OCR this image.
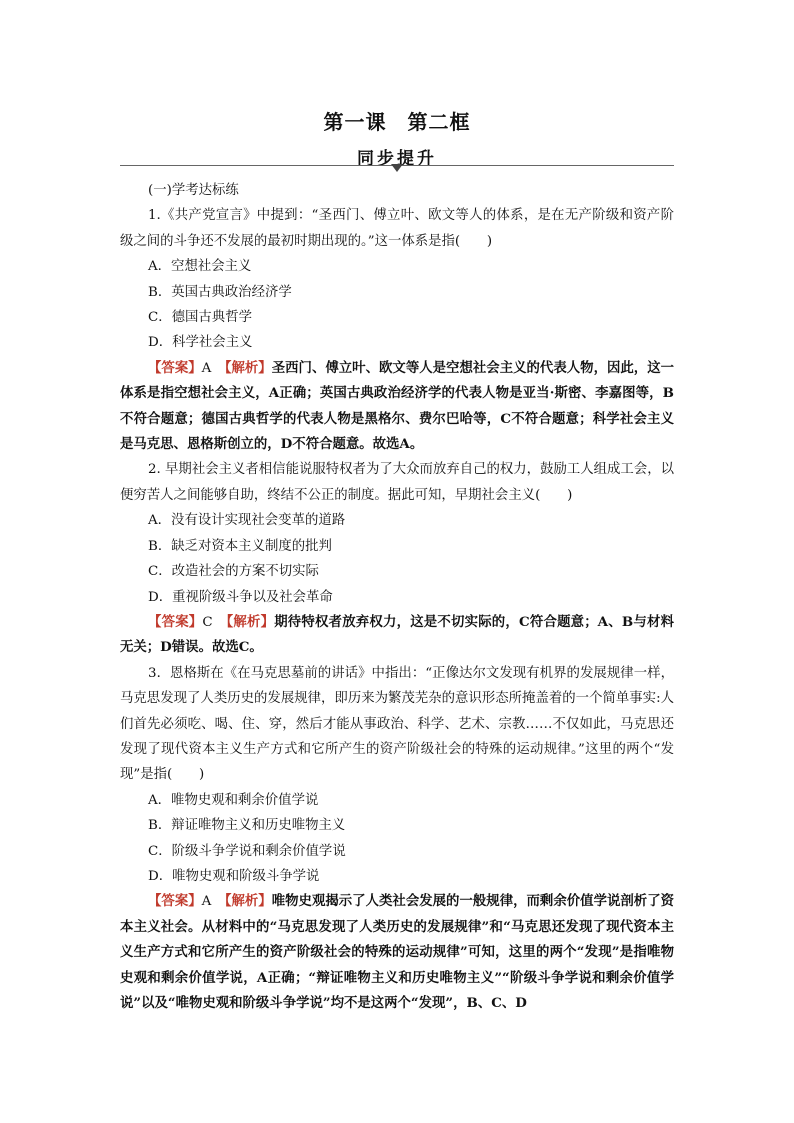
第一课　第二框
同步提升

(一)学考达标练

1.《共产党宣言》中提到：“圣西门、傅立叶、欧文等人的体系，是在无产阶级和资产阶级之间的斗争还不发展的最初时期出现的。”这一体系是指(　　)

A．空想社会主义

B．英国古典政治经济学

C．德国古典哲学

D．科学社会主义

【答案】A　 【解析】圣西门、傅立叶、欧文等人是空想社会主义的代表人物，因此，这一体系是指空想社会主义，A正确；英国古典政治经济学的代表人物是亚当·斯密、李嘉图等，B不符合题意；德国古典哲学的代表人物是黑格尔、费尔巴哈等，C不符合题意；科学社会主义是马克思、恩格斯创立的，D不符合题意。故选A。

2. 早期社会主义者相信能说服特权者为了大众而放弃自己的权力，鼓励工人组成工会，以便穷苦人之间能够自助，终结不公正的制度。据此可知，早期社会主义(　　)

A．没有设计实现社会变革的道路

B．缺乏对资本主义制度的批判

C．改造社会的方案不切实际

D．重视阶级斗争以及社会革命

【答案】C　 【解析】期待特权者放弃权力，这是不切实际的，C符合题意；A、B与材料无关；D错误。故选C。

3．恩格斯在《在马克思墓前的讲话》中指出：“正像达尔文发现有机界的发展规律一样，马克思发现了人类历史的发展规律，即历来为繁茂芜杂的意识形态所掩盖着的一个简单事实:人们首先必须吃、喝、住、穿，然后才能从事政治、科学、艺术、宗教……不仅如此，马克思还发现了现代资本主义生产方式和它所产生的资产阶级社会的特殊的运动规律。”这里的两个“发现”是指(　　)

A．唯物史观和剩余价值学说

B．辩证唯物主义和历史唯物主义

C．阶级斗争学说和剩余价值学说

D．唯物史观和阶级斗争学说

【答案】A　 【解析】唯物史观揭示了人类社会发展的一般规律，而剩余价值学说剖析了资本主义社会。从材料中的“马克思发现了人类历史的发展规律”和“马克思还发现了现代资本主义生产方式和它所产生的资产阶级社会的特殊的运动规律”可知，这里的两个“发现”是指唯物史观和剩余价值学说，A正确；“辩证唯物主义和历史唯物主义”“阶级斗争学说和剩余价值学说”以及“唯物史观和阶级斗争学说”均不是这两个“发现”，B、C、D
